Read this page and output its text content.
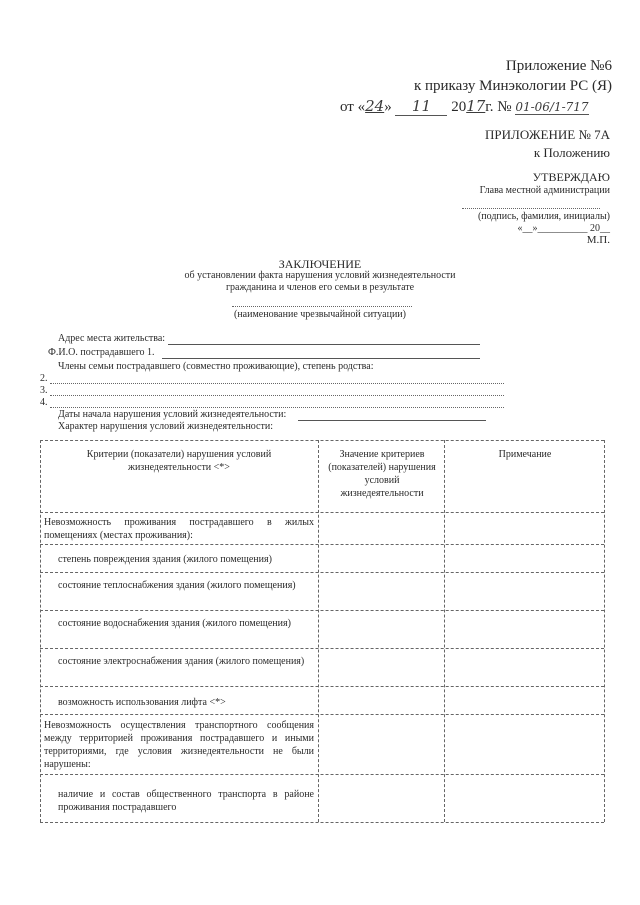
Приложение №6
к приказу Минэкологии РС (Я)
от «24» 11 2017г. № 01-06/1-717
ПРИЛОЖЕНИЕ № 7А
к Положению
УТВЕРЖДАЮ
Глава местной администрации
(подпись, фамилия, инициалы)
«__»__________ 20__
М.П.
ЗАКЛЮЧЕНИЕ
об установлении факта нарушения условий жизнедеятельности
гражданина и членов его семьи в результате
(наименование чрезвычайной ситуации)
Адрес места жительства:
Ф.И.О. пострадавшего 1.
Члены семьи пострадавшего (совместно проживающие), степень родства:
2.
3.
4.
Даты начала нарушения условий жизнедеятельности:
Характер нарушения условий жизнедеятельности:
Критерии (показатели) нарушения условий жизнедеятельности <*>
Значение критериев (показателей) нарушения условий жизнедеятельности
Примечание
Невозможность проживания пострадавшего в жилых помещениях (местах проживания):
степень повреждения здания (жилого помещения)
состояние теплоснабжения здания (жилого помещения)
состояние водоснабжения здания (жилого помещения)
состояние электроснабжения здания (жилого помещения)
возможность использования лифта <*>
Невозможность осуществления транспортного сообщения между территорией проживания пострадавшего и иными территориями, где условия жизнедеятельности не были нарушены:
наличие и состав общественного транспорта в районе проживания пострадавшего
